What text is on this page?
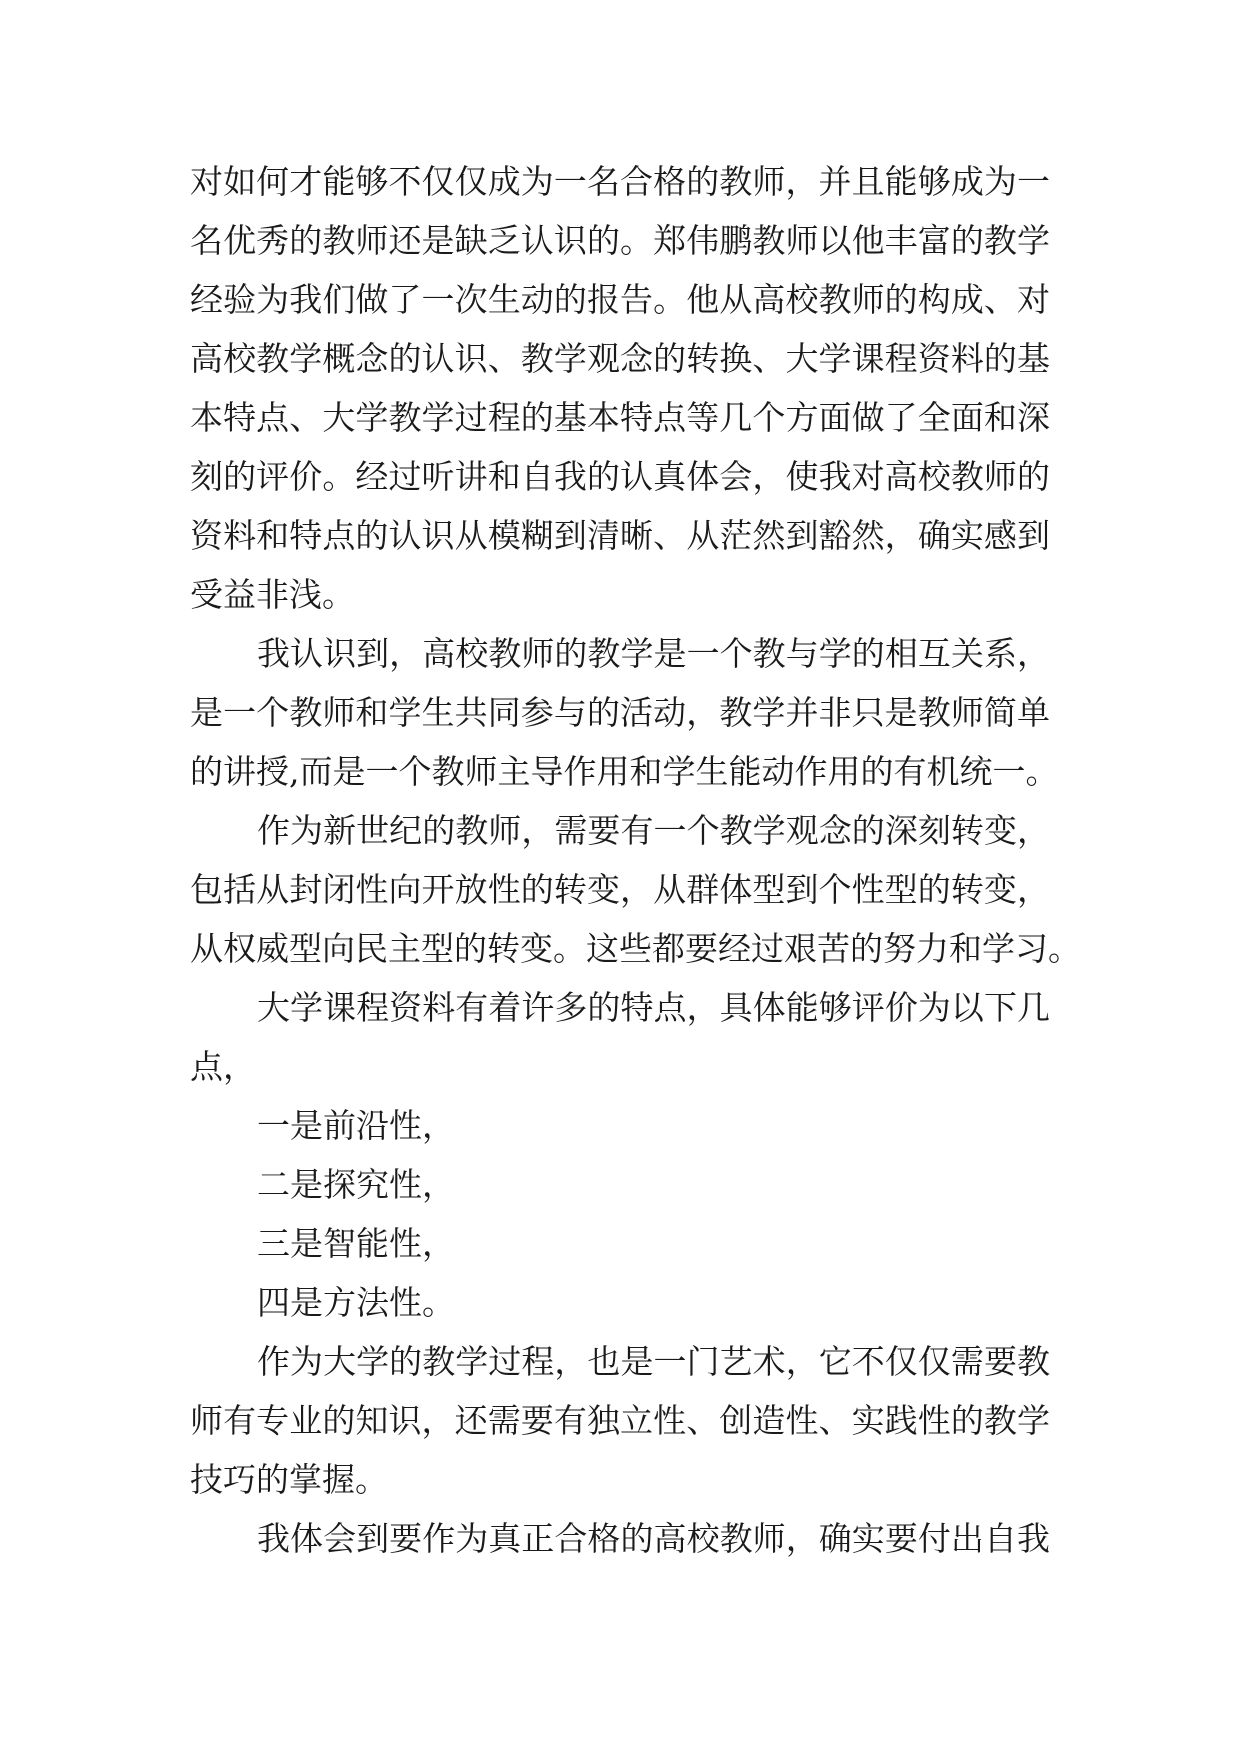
对如何才能够不仅仅成为一名合格的教师，并且能够成为一
名优秀的教师还是缺乏认识的。郑伟鹏教师以他丰富的教学
经验为我们做了一次生动的报告。他从高校教师的构成、对
高校教学概念的认识、教学观念的转换、大学课程资料的基
本特点、大学教学过程的基本特点等几个方面做了全面和深
刻的评价。经过听讲和自我的认真体会，使我对高校教师的
资料和特点的认识从模糊到清晰、从茫然到豁然，确实感到
受益非浅。
我认识到，高校教师的教学是一个教与学的相互关系，
是一个教师和学生共同参与的活动，教学并非只是教师简单
的讲授,而是一个教师主导作用和学生能动作用的有机统一。
作为新世纪的教师，需要有一个教学观念的深刻转变，
包括从封闭性向开放性的转变，从群体型到个性型的转变，
从权威型向民主型的转变。这些都要经过艰苦的努力和学习。
大学课程资料有着许多的特点，具体能够评价为以下几
点，
一是前沿性，
二是探究性，
三是智能性，
四是方法性。
作为大学的教学过程，也是一门艺术，它不仅仅需要教
师有专业的知识，还需要有独立性、创造性、实践性的教学
技巧的掌握。
我体会到要作为真正合格的高校教师，确实要付出自我
